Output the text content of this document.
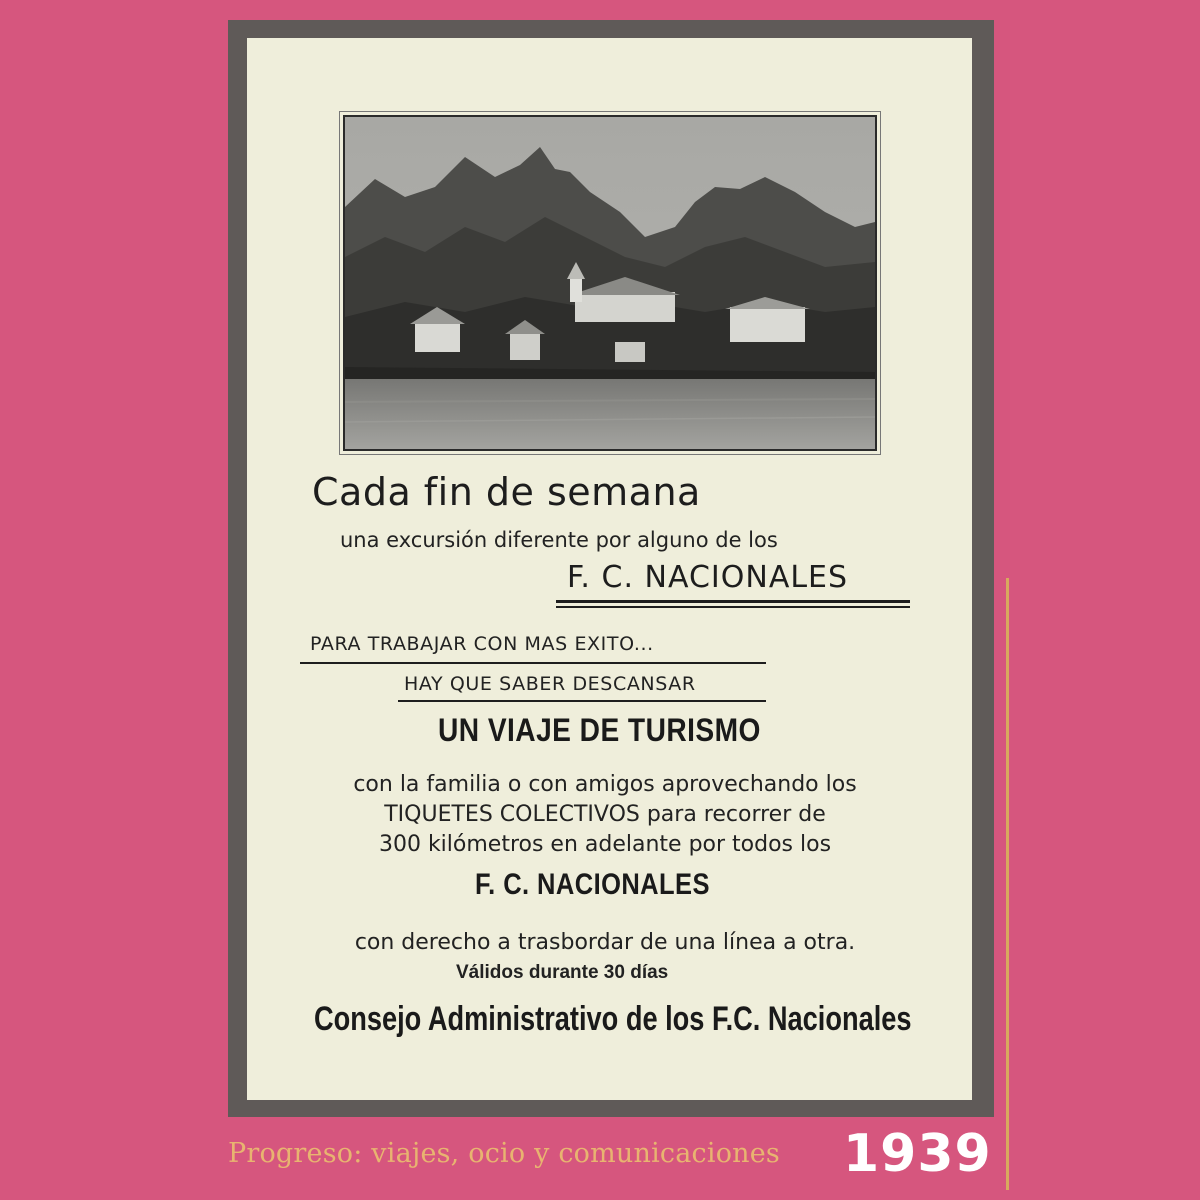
Cada fin de semana
una excursión diferente por alguno de los
F. C. NACIONALES
PARA TRABAJAR CON MAS EXITO...
HAY QUE SABER DESCANSAR
UN VIAJE DE TURISMO
con la familia o con amigos aprovechando los
TIQUETES COLECTIVOS para recorrer de
300 kilómetros en adelante por todos los
F. C. NACIONALES
con derecho a trasbordar de una línea a otra.
Válidos durante 30 días
Consejo Administrativo de los F.C. Nacionales
Progreso: viajes, ocio y comunicaciones 1939
